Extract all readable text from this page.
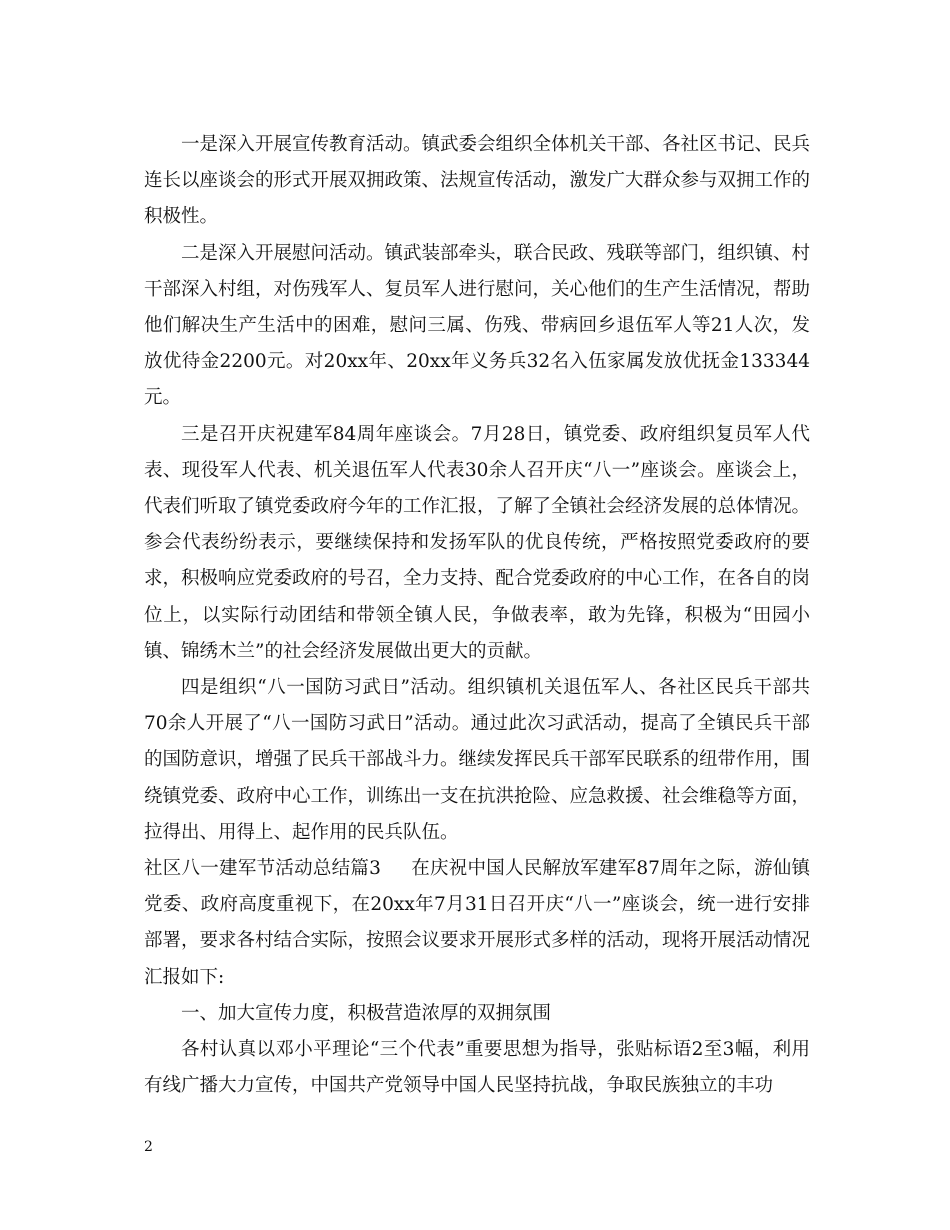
一是深入开展宣传教育活动。镇武委会组织全体机关干部、各社区书记、民兵连长以座谈会的形式开展双拥政策、法规宣传活动，激发广大群众参与双拥工作的积极性。

二是深入开展慰问活动。镇武装部牵头，联合民政、残联等部门，组织镇、村干部深入村组，对伤残军人、复员军人进行慰问，关心他们的生产生活情况，帮助他们解决生产生活中的困难，慰问三属、伤残、带病回乡退伍军人等21人次，发放优待金2200元。对20xx年、20xx年义务兵32名入伍家属发放优抚金133344元。

三是召开庆祝建军84周年座谈会。7月28日，镇党委、政府组织复员军人代表、现役军人代表、机关退伍军人代表30余人召开庆“八一”座谈会。座谈会上，代表们听取了镇党委政府今年的工作汇报，了解了全镇社会经济发展的总体情况。参会代表纷纷表示，要继续保持和发扬军队的优良传统，严格按照党委政府的要求，积极响应党委政府的号召，全力支持、配合党委政府的中心工作，在各自的岗位上，以实际行动团结和带领全镇人民，争做表率，敢为先锋，积极为“田园小镇、锦绣木兰”的社会经济发展做出更大的贡献。

四是组织“八一国防习武日”活动。组织镇机关退伍军人、各社区民兵干部共70余人开展了“八一国防习武日”活动。通过此次习武活动，提高了全镇民兵干部的国防意识，增强了民兵干部战斗力。继续发挥民兵干部军民联系的纽带作用，围绕镇党委、政府中心工作，训练出一支在抗洪抢险、应急救援、社会维稳等方面，拉得出、用得上、起作用的民兵队伍。

社区八一建军节活动总结篇3 在庆祝中国人民解放军建军87周年之际，游仙镇党委、政府高度重视下，在20xx年7月31日召开庆“八一”座谈会，统一进行安排部署，要求各村结合实际，按照会议要求开展形式多样的活动，现将开展活动情况汇报如下:

一、加大宣传力度，积极营造浓厚的双拥氛围

各村认真以邓小平理论“三个代表”重要思想为指导，张贴标语2至3幅，利用有线广播大力宣传，中国共产党领导中国人民坚持抗战，争取民族独立的丰功

2
